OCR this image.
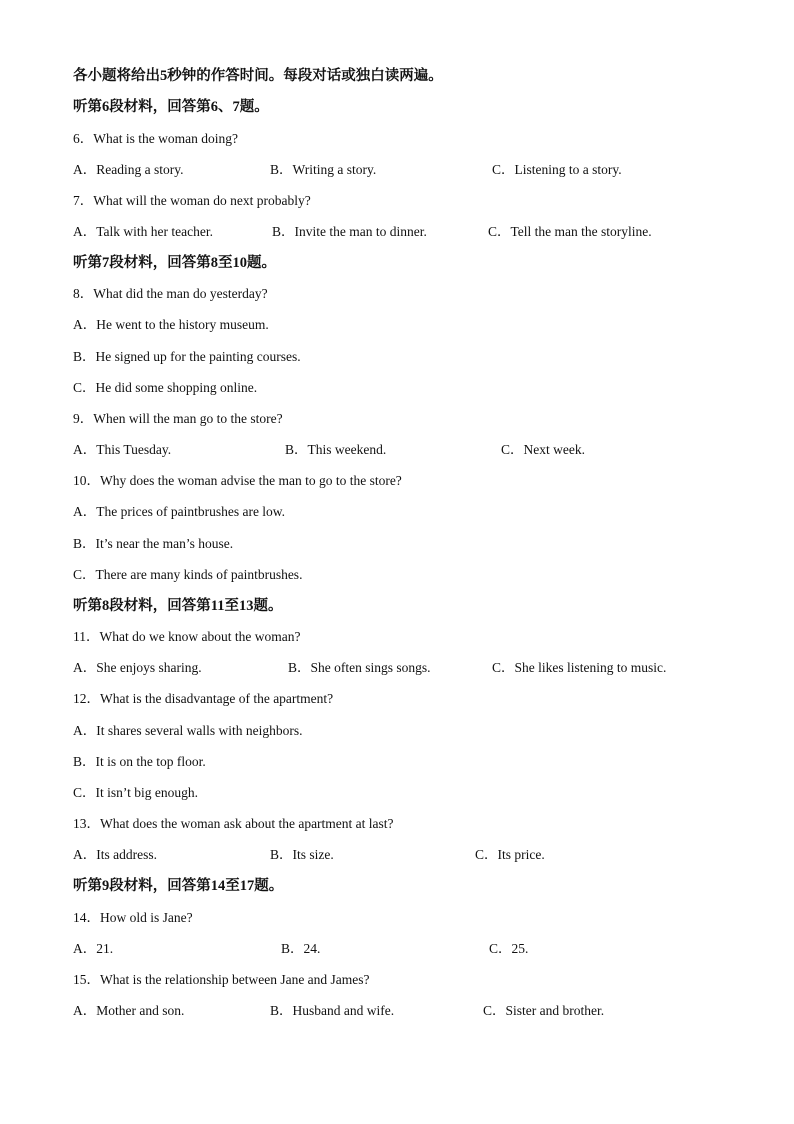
各小题将给出5秒钟的作答时间。每段对话或独白读两遍。
听第6段材料，回答第6、7题。
6．What is the woman doing?
A．Reading a story.	B．Writing a story.	C．Listening to a story.
7．What will the woman do next probably?
A．Talk with her teacher.	B．Invite the man to dinner.	C．Tell the man the storyline.
听第7段材料，回答第8至10题。
8．What did the man do yesterday?
A．He went to the history museum.
B．He signed up for the painting courses.
C．He did some shopping online.
9．When will the man go to the store?
A．This Tuesday.	B．This weekend.	C．Next week.
10．Why does the woman advise the man to go to the store?
A．The prices of paintbrushes are low.
B．It’s near the man’s house.
C．There are many kinds of paintbrushes.
听第8段材料，回答第11至13题。
11．What do we know about the woman?
A．She enjoys sharing.	B．She often sings songs.	C．She likes listening to music.
12．What is the disadvantage of the apartment?
A．It shares several walls with neighbors.
B．It is on the top floor.
C．It isn’t big enough.
13．What does the woman ask about the apartment at last?
A．Its address.	B．Its size.	C．Its price.
听第9段材料，回答第14至17题。
14．How old is Jane?
A．21.	B．24.	C．25.
15．What is the relationship between Jane and James?
A．Mother and son.	B．Husband and wife.	C．Sister and brother.
